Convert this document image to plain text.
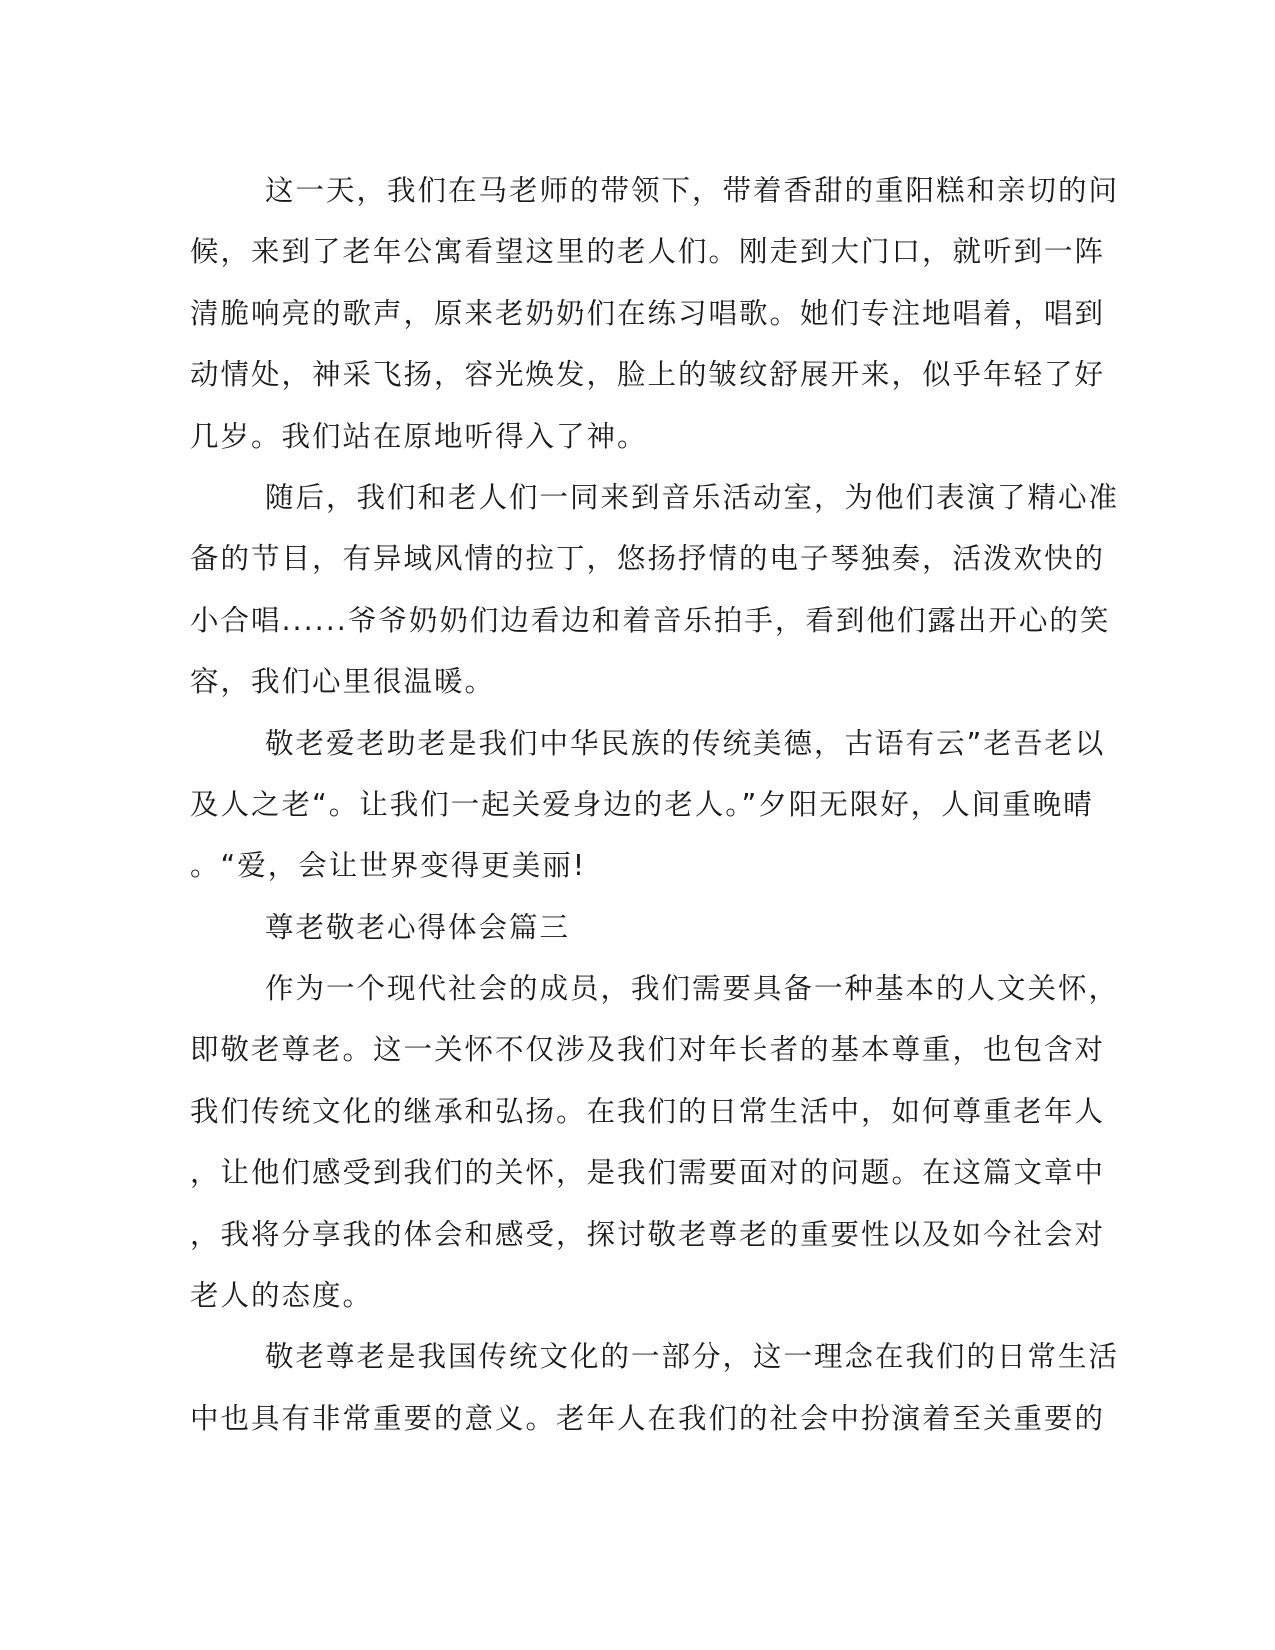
这一天，我们在马老师的带领下，带着香甜的重阳糕和亲切的问
候，来到了老年公寓看望这里的老人们。刚走到大门口，就听到一阵
清脆响亮的歌声，原来老奶奶们在练习唱歌。她们专注地唱着，唱到
动情处，神采飞扬，容光焕发，脸上的皱纹舒展开来，似乎年轻了好
几岁。我们站在原地听得入了神。
随后，我们和老人们一同来到音乐活动室，为他们表演了精心准
备的节目，有异域风情的拉丁，悠扬抒情的电子琴独奏，活泼欢快的
小合唱......爷爷奶奶们边看边和着音乐拍手，看到他们露出开心的笑
容，我们心里很温暖。
敬老爱老助老是我们中华民族的传统美德，古语有云”老吾老以
及人之老“。让我们一起关爱身边的老人。”夕阳无限好，人间重晚晴
。“爱，会让世界变得更美丽!
尊老敬老心得体会篇三
作为一个现代社会的成员，我们需要具备一种基本的人文关怀，
即敬老尊老。这一关怀不仅涉及我们对年长者的基本尊重，也包含对
我们传统文化的继承和弘扬。在我们的日常生活中，如何尊重老年人
，让他们感受到我们的关怀，是我们需要面对的问题。在这篇文章中
，我将分享我的体会和感受，探讨敬老尊老的重要性以及如今社会对
老人的态度。
敬老尊老是我国传统文化的一部分，这一理念在我们的日常生活
中也具有非常重要的意义。老年人在我们的社会中扮演着至关重要的
